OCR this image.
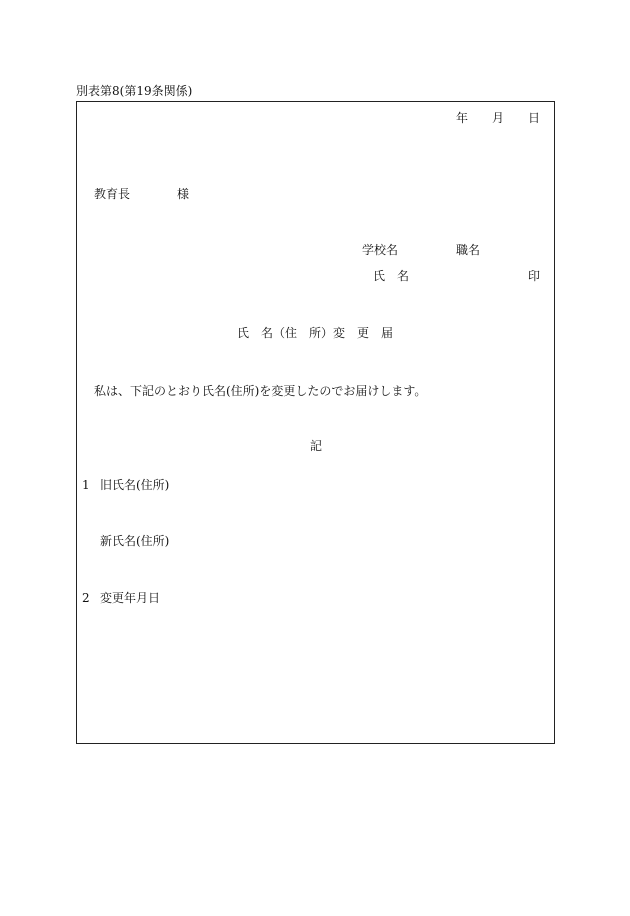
別表第8(第19条関係)
年 月 日
教育長	様
学校名	職名
氏　名	印
氏　名（住　所）変　更　届
私は、下記のとおり氏名(住所)を変更したのでお届けします。
記
1 旧氏名(住所)
新氏名(住所)
2 変更年月日
